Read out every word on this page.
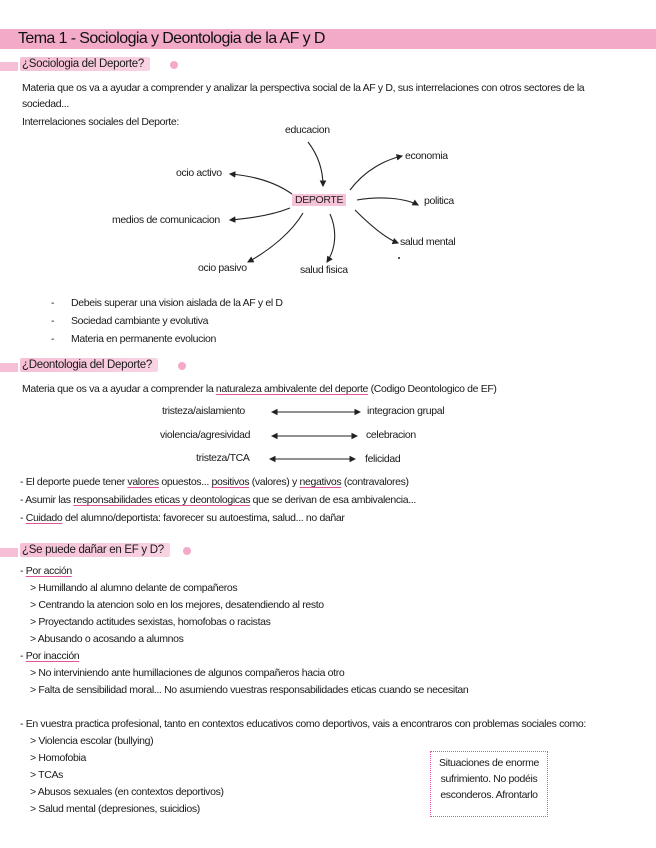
Tema 1 - Sociologia y Deontologia de la AF y D
¿Sociologia del Deporte?
Materia que os va a ayudar a comprender y analizar la perspectiva social de la AF y D, sus interrelaciones con otros sectores de la
sociedad...
Interrelaciones sociales del Deporte:
educacion
economia
politica
salud mental
salud fisica
ocio pasivo
medios de comunicacion
ocio activo
DEPORTE
- Debeis superar una vision aislada de la AF y el D
- Sociedad cambiante y evolutiva
- Materia en permanente evolucion
¿Deontologia del Deporte?
Materia que os va a ayudar a comprender la naturaleza ambivalente del deporte (Codigo Deontologico de EF)
tristeza/aislamiento	integracion grupal
violencia/agresividad	celebracion
tristeza/TCA	felicidad
- El deporte puede tener valores opuestos... positivos (valores) y negativos (contravalores)
- Asumir las responsabilidades eticas y deontologicas que se derivan de esa ambivalencia...
- Cuidado del alumno/deportista: favorecer su autoestima, salud... no dañar
¿Se puede dañar en EF y D?
- Por acción
> Humillando al alumno delante de compañeros
> Centrando la atencion solo en los mejores, desatendiendo al resto
> Proyectando actitudes sexistas, homofobas o racistas
> Abusando o acosando a alumnos
- Por inacción
> No interviniendo ante humillaciones de algunos compañeros hacia otro
> Falta de sensibilidad moral... No asumiendo vuestras responsabilidades eticas cuando se necesitan
- En vuestra practica profesional, tanto en contextos educativos como deportivos, vais a encontraros con problemas sociales como:
> Violencia escolar (bullying)
> Homofobia
> TCAs
> Abusos sexuales (en contextos deportivos)
> Salud mental (depresiones, suicidios)
Situaciones de enorme sufrimiento. No podéis esconderos. Afrontarlo
